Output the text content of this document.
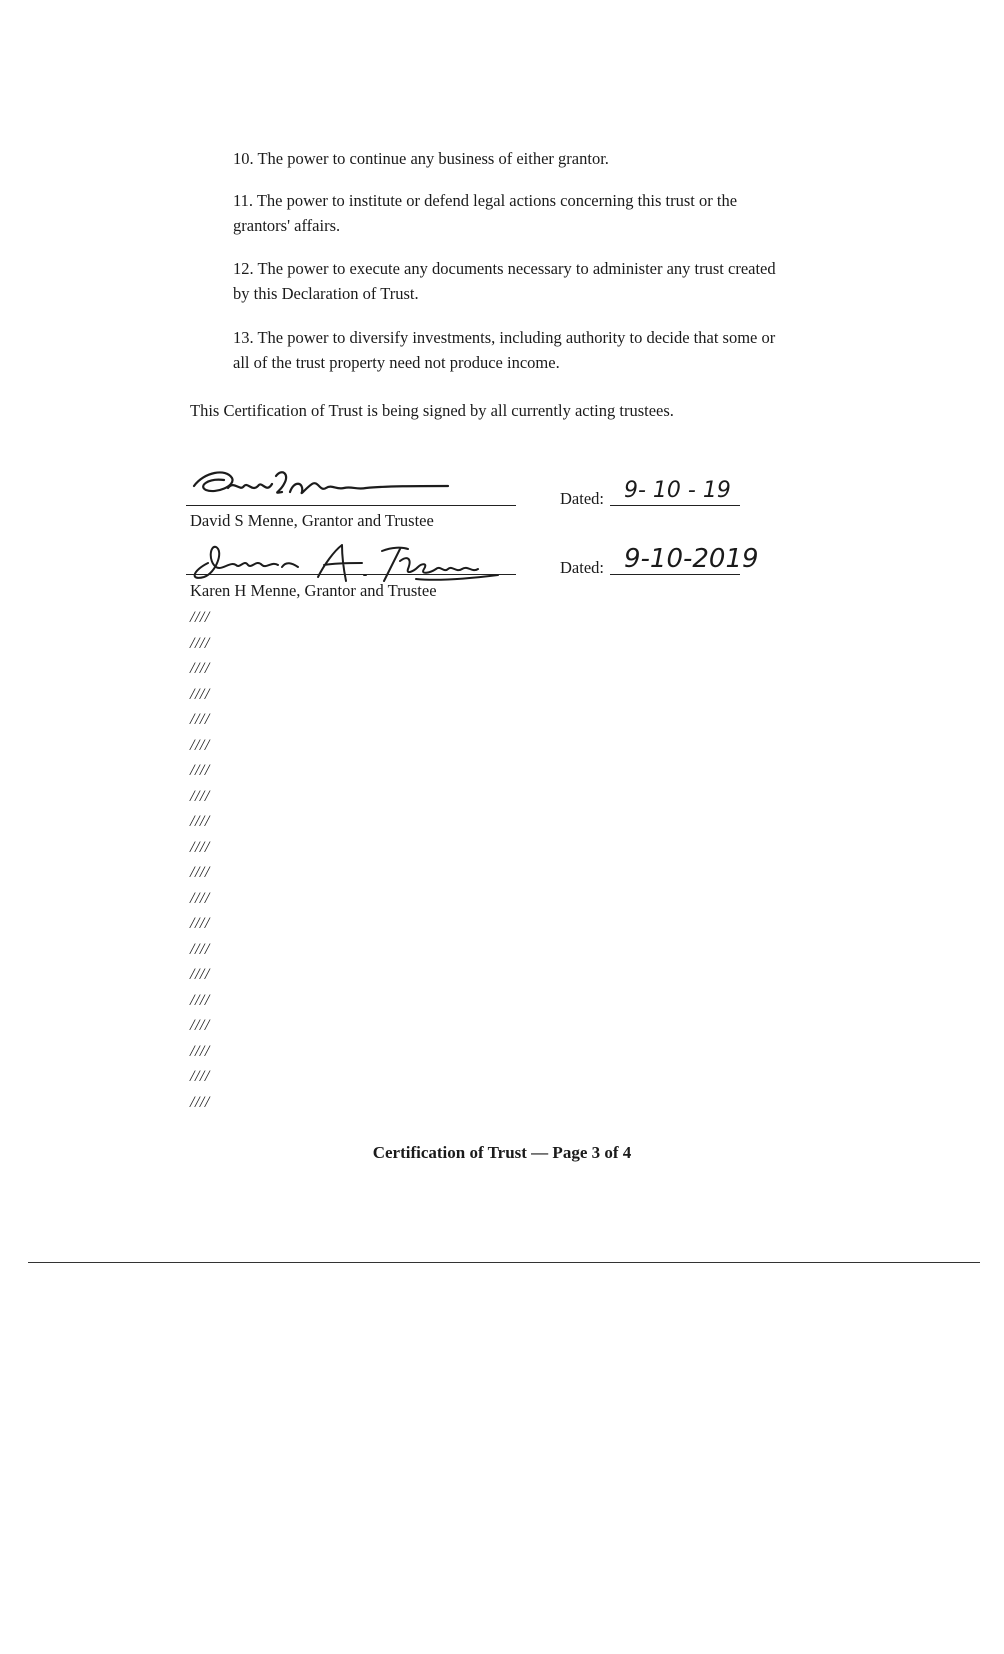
10. The power to continue any business of either grantor.
11. The power to institute or defend legal actions concerning this trust or the
grantors' affairs.
12. The power to execute any documents necessary to administer any trust created
by this Declaration of Trust.
13. The power to diversify investments, including authority to decide that some or
all of the trust property need not produce income.
This Certification of Trust is being signed by all currently acting trustees.
David S Menne, Grantor and Trustee
Dated: 9- 10 - 19
Karen H Menne, Grantor and Trustee
Dated: 9-10-2019
////
////
////
////
////
////
////
////
////
////
////
////
////
////
////
////
////
////
////
////
Certification of Trust — Page 3 of 4
